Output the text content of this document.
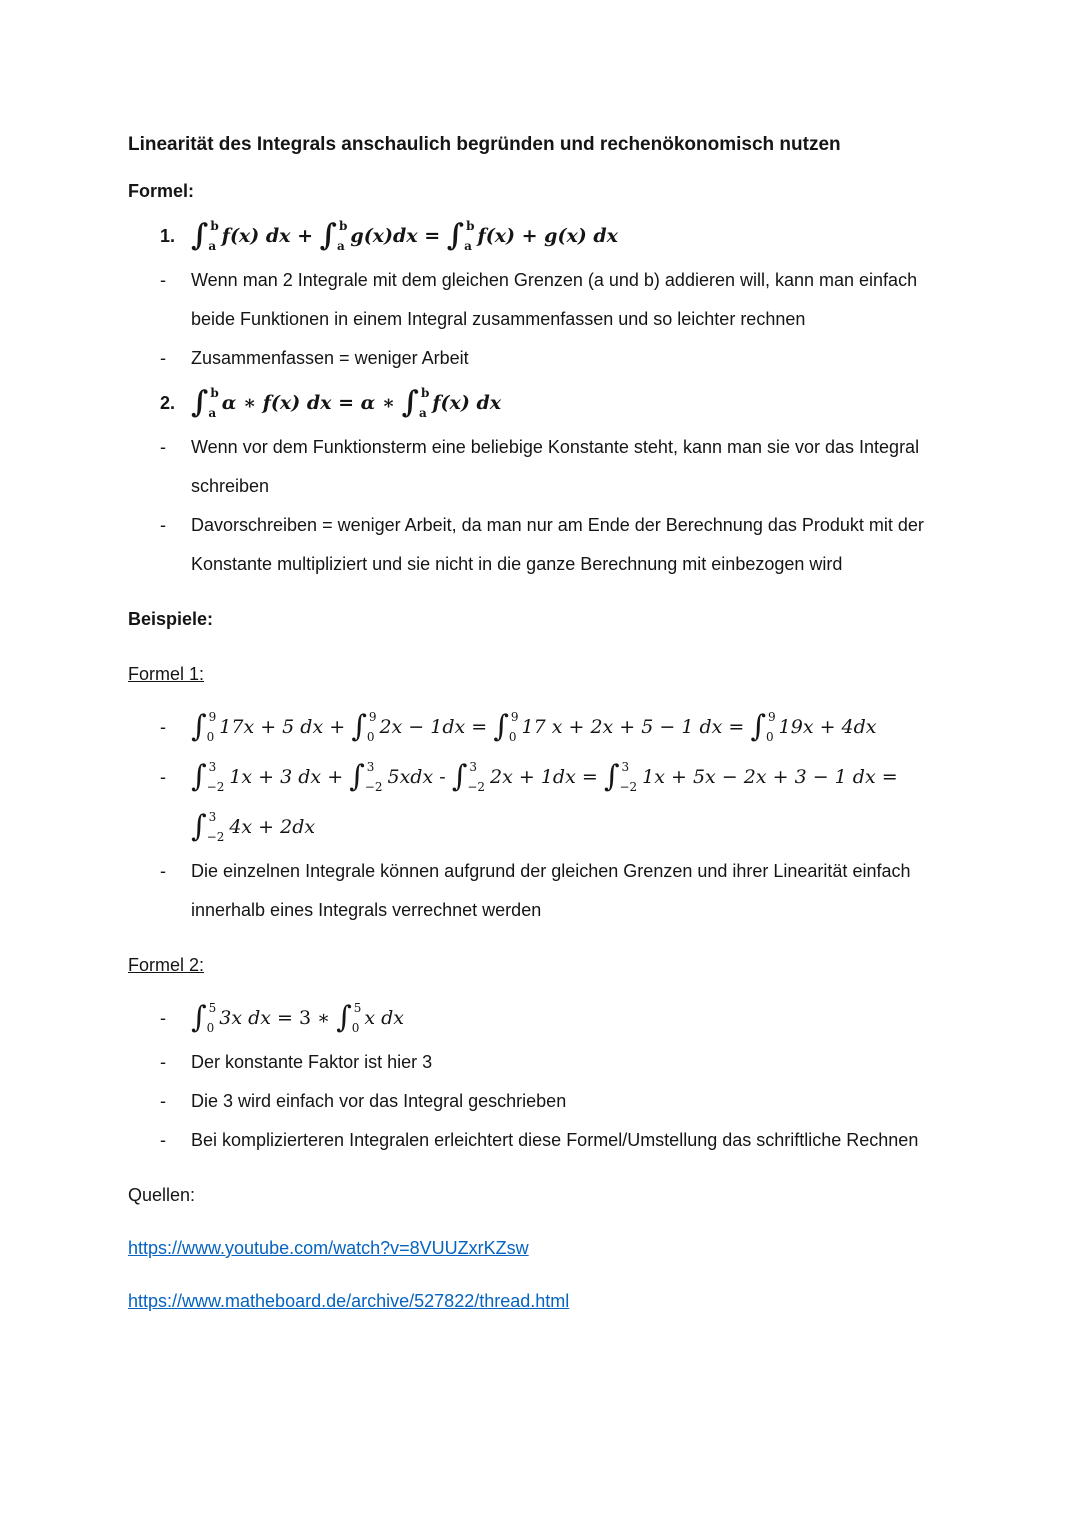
Linearität des Integrals anschaulich begründen und rechenökonomisch nutzen
Formel:
1. ∫ b
a f(x) dx + ∫ b
a g(x)dx = ∫ b
a f(x) + g(x) dx
-	Wenn man 2 Integrale mit dem gleichen Grenzen (a und b) addieren will, kann man einfach beide Funktionen in einem Integral zusammenfassen und so leichter rechnen
-	Zusammenfassen = weniger Arbeit
2. ∫ b
a α ∗ f(x) dx = α ∗ ∫ b
a f(x) dx
-	Wenn vor dem Funktionsterm eine beliebige Konstante steht, kann man sie vor das Integral schreiben
-	Davorschreiben = weniger Arbeit, da man nur am Ende der Berechnung das Produkt mit der Konstante multipliziert und sie nicht in die ganze Berechnung mit einbezogen wird
Beispiele:
Formel 1:
- ∫ 9
0 17x + 5 dx + ∫ 9
0 2x − 1dx = ∫ 9
0 17 x + 2x + 5 − 1 dx = ∫ 9
0 19x + 4dx
- ∫ 3
−2 1x + 3 dx + ∫ 3
−2 5xdx - ∫ 3
−2 2x + 1dx = ∫ 3
−2 1x + 5x − 2x + 3 − 1 dx =
∫ 3
−2 4x + 2dx
-	Die einzelnen Integrale können aufgrund der gleichen Grenzen und ihrer Linearität einfach innerhalb eines Integrals verrechnet werden
Formel 2:
- ∫ 5
0 3x dx = 3 ∗ ∫ 5
0 x dx
-	Der konstante Faktor ist hier 3
-	Die 3 wird einfach vor das Integral geschrieben
-	Bei komplizierteren Integralen erleichtert diese Formel/Umstellung das schriftliche Rechnen
Quellen:
https://www.youtube.com/watch?v=8VUUZxrKZsw
https://www.matheboard.de/archive/527822/thread.html
